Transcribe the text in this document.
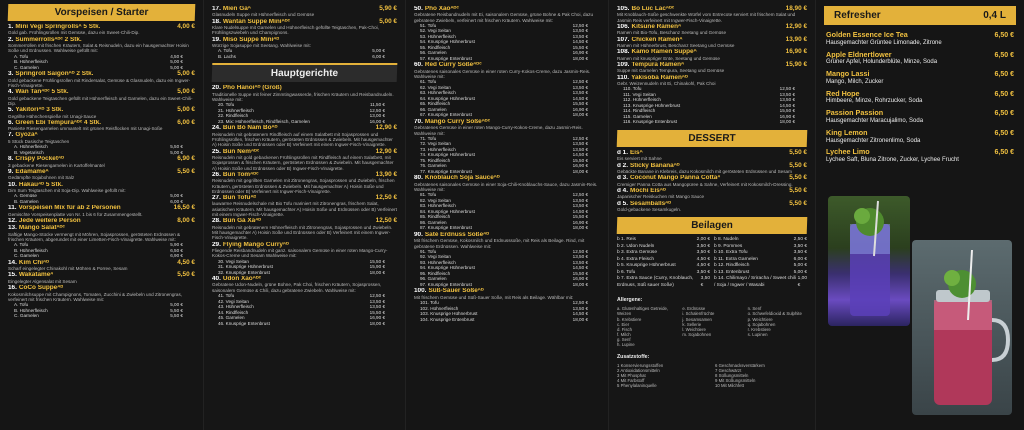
Vorspeisen / Starter
1. Mini Vegi Springrollsᴬ 5 Stk.	4,00 €
Gold gab. Frühlingsrollen mit Gemüse, dazu ein Sweet-Chili-Dip.
2. Summerrollsᴬᴮᶜ 2 Stk.
Sommerrollen mit frischen Kräutern, Salat & Reisnudeln, dazu ein hausgemachter Hoisin Soße und Erdnussen. Wahlweise gefüllt mit:
A. Tofu	4,50 €
B. Hühnerfleisch	5,00 €
C. Garnelen	5,00 €
3. Springroll Saigonᴬᴮ 2 Stk.	5,00 €
Gold gebackene Frühlingsrollen mit Rindersalat, Gemüse & Glasnudeln, dazu ein Ingwer-Fisch-Vinaigrette.
4. Wan Tanᴬᴮᶜ 5 Stk.	5,00 €
Gold gebackene Teigtaschen gefüllt mit Hühnerfleisch und Garnelen, dazu ein Sweet-Chili-Dip.
5. Yakitoriᴬᴮ 3 Stk.	5,00 €
Gegrillte Hähnchenspieße mit Unagi-Sauce
6. Green Ebi Tempuraᴬᴮᶜ 4 Stk.	6,00 €
Panierte Riesengarnelen ummantelt mit grünen Reisflocken mit Unagi-Soße
7. Gyozaᴬ
5 Stück Dasische Teigtaschen
A. Hühnerfleisch	5,50 €
B. Vegetarisch	5,00 €
8. Crispy Pocketᴬᴮ	6,90 €
3 gebackene Riesengarnelen in Kartoffelmantel
9. Edamameᴬ	5,50 €
Gedämpfte Sojabohnen mit Salz
10. Hakauᴬᴮ 5 Stk.
Dim Sum Teigtaschen mit Soja-Dip. Wahlweise gefüllt mit:
A. Gemüse	5,00 €
B. Garnelen	6,00 €
11. Vorspeisen Mix für ab 2 Personen	16,50 €
Gemischte Vorspeisenplatte von Nr. 1 bis 6 für Zusammengestellt.
12. Jede weitere Person	8,00 €
13. Mango Salatᴬᴮᶜ
Saftige Mango-Stücke vermengt mit Möhren, Sojasprossen, gerösteten Erdnüssen & frischen Kräutern, abgerundet mit einer Limetten-Fisch-Vinaigrette. Wahlweise mit:
A. Tofu	5,90 €
B. Hühnerfleisch	6,50 €
C. Garnelen	6,90 €
14. Kim Chiᴬᴮ	4,50 €
Scharf eingelegter Chinakohl mit Möhren & Porree, Sesam
15. Wakatameᴬ	5,50 €
Eingelegter Algensalat mit Sesam
16. CoCo Suppeᴬᴮ
Kokosmilchsuppe mit Champignons, Tomaten, Zucchini & Zwiebeln und Zitronengras, verfeinert mit frischen Kräutern. Wahlweise mit:
A. Tofu	5,00 €
B. Hühnerfleisch	5,50 €
C. Garnelen	5,50 €
17. Mien Gaᴬ	5,90 €
Glasnudeln Suppe mit Hühnerfleisch und Gemüse
18. Wantan Suppe Miniᴬᴮᶜ	5,00 €
Klare Nudelsuppe mit Garnelen und Hühnerfleisch gefüllte Teigtaschen, Pak-Choi, Frühlingszwiebeln und Champignons.
19. Miso Suppe Miniᴬᴮ
Würzige Sojasuppe mit Seetang. Wahlweise mit:
A. Tofu	5,00 €
B. Lachs	6,00 €
Hauptgerichte
20. Pho Hanoiᴬᴮ (Groß)
Traditionelle Suppe mit feiner Zimmtingwasserde, frischen Kräutern und Reisbandnudeln. Wahlweise mit:
20. Tofu	11,50 €
21. Hühnerfleisch	12,50 €
22. Rindfleisch	13,00 €
23. Mix: Hühnerfleisch, Rindfleisch, Garnelen	16,00 €
24. Bun Bò Nam Boᴬᴮ	12,90 €
Reisnudeln mit gebratenem Rindfleisch auf einem Salatbett mit Sojasprossen und Frühlingsrollen, frischen Kräutern, gerösteten Erdnüssen & Zwiebeln. Mit hausgemachter A) Hoisin Soße und Erdnüssen oder B) Verfeinert mit einem Ingwer-Fisch-Vinaigrette.
25. Bun Nemᴬᴮᶜ	12,90 €
Reisnudeln mit gold gebackenen Frühlingsrollen mit Rindfleisch auf einem Salatbett, mit Sojasprossen & frischen Kräutern, gerösteten Erdnüssen & Zwiebeln. Mit hausgemachter A) Hoisin Soße und Erdnüssen oder B) Ingwer-Fisch-Vinaigrette.
26. Bun Tomᴬᴮᶜ	13,90 €
Reisnudeln mit gegrillten Garnelen mit Zitronengras, Sojasprossen und Zwiebeln, frischen Kräutern, gerösteten Erdnüssen & Zwiebeln. Mit hausgemachter A) Hoisin Soße und Erdnüssen oder B) Verfeinert mit Ingwer-Fisch-Vinaigrette.
27. Bun Tofuᴬᴮ	12,50 €
lauwarme Reisnudelschale mit Bio Tofu mariniert mit Zitronengras, frischem Salat, asiatischen Kräutern. Mit hausgemachter A) Hoisin Soße und Erdnüssen oder B) Verfeinert mit einem Ingwer-Fisch-Vinaigrette.
28. Bún Gà Xãᴬᴮ	12,50 €
Reisnudeln mit gebratenem Hühnerfleisch mit Zitronengras, Sojasprossen und Zwiebeln. Mit hausgemachter A) Hoisin Soße und Erdnüssen oder B) Verfeinert mit einem Ingwer-Fisch-Vinaigrette.
29. Flying Mango Curryᴬᴮ
Fliegende Reisbandnudeln mit ganz. saisonalem Gemüse in einer roten Mango-Curry-Kokos-Creme und Sesam Wahlweise mit:
30. Vegi Seitan	15,50 €
31. Knusprige Hühnerbrust	15,90 €
32. Knusprige Entenbrust	18,00 €
40. Udon Xaoᴬᴮᶜ
Gebratene Udon-Nudeln, grüne Bohne, Pak Choi, frischen Kräutern, Sojasprossen, saisonalem Gemüse & Chili, dazu gebratene Zwiebeln. Wahlweise mit:
41. Tofu	12,50 €
42. Vegi Seitan	13,50 €
43. Hühnerfleisch	13,50 €
44. Rindfleisch	15,50 €
45. Garnelen	16,90 €
46. Knusprige Entenbrust	18,00 €
50. Pho Xaoᴬᴮᶜ
Gebratene Reisbandnudeln mit Ei, saisonalem Gemüse, grüne Bohne & Pak Choi, dazu gebratene Zwiebeln, verfeinert mit frischen Kräutern. Wahlweise mit:
51. Tofu	12,50 €
52. Vegi Seitan	13,50 €
53. Hühnerfleisch	13,50 €
54. Knusprige Hühnerbrust	14,50 €
55. Rindfleisch	15,50 €
56. Garnelen	16,90 €
57. Knusprige Entenbrust	18,00 €
60. Red Curry Soßeᴬᴮᶜ
Gebratenes saisonales Gemüse in einer roten Curry-Kokos-Creme, dazu Jasmin-Reis. Wahlweise mit:
61. Tofu	12,50 €
62. Vegi Seitan	13,50 €
63. Hühnerfleisch	13,50 €
64. Knusprige Hühnerbrust	14,50 €
65. Rindfleisch	15,50 €
66. Garnelen	16,90 €
67. Knusprige Entenbrust	18,00 €
70. Mango Curry Soßeᴬᴮᶜ
Gebratenes Gemüse in einer roten Mango-Curry-Kokos-Creme, dazu Jasmin-Reis. Wahlweise mit:
71. Tofu	12,50 €
72. Vegi Seitan	13,50 €
73. Hühnerfleisch	13,50 €
74. Knusprige Hühnerbrust	14,50 €
75. Rindfleisch	15,50 €
76. Garnelen	16,90 €
77. Knusprige Entenbrust	18,00 €
80. Knoblauch Soja Sauceᴬᴮ
Gebratenes saisonales Gemüse in einer Soja-Chili-Knoblauchs-Sauce, dazu Jasmin-Reis. Wahlweise mit:
81. Tofu	12,50 €
82. Vegi Seitan	13,50 €
83. Hühnerfleisch	13,50 €
84. Knusprige Hühnerbrust	14,50 €
85. Rindfleisch	15,50 €
86. Garnelen	16,90 €
87. Knusprige Entenbrust	18,00 €
90. Saté Erdnuss Soßeᴬᴮ
Mit frischem Gemüse, Kokosmilch und Erdnusssoße, mit Reis als Beilage. Rind, mit gebratene Erdnüssen. Wahlweise mit:
91. Tofu	12,50 €
92. Vegi Seitan	13,50 €
93. Hühnerfleisch	13,50 €
94. Knusprige Hühnerbrust	14,50 €
95. Rindfleisch	15,50 €
96. Garnelen	16,90 €
97. Knusprige Entenbrust	18,00 €
100. Süß-Sauer Soßeᴬᴮ
Mit frischem Gemüse und Süß-Sauer Soße, mit Reis als Beilage. Wählbar mit:
101. Tofu	12,50 €
102. Hühnerfleisch	13,50 €
103. Knusprige Hühnerbrust	14,50 €
104. Knusprige Entenbrust	18,00 €
105. Bo Luc Lacᴬᴮᶜ	18,90 €
Mit Knoblauch-Soße geschwenkte Würfel vom Entrecote serviert mit frischem Salat und Jasmin Reis verfeinert mit Ingwer-Fisch-Vinaigrette.
106. Kitsune Ramenᴬ	12,90 €
Ramen mit Bio-Tofu, Beschanz Seetang und Gemüse
107. Chicken Ramenᴬ	13,90 €
Ramen mit Hühnerbrust, Beschanz Seetang und Gemüse
108. Kamo Ramen Suppeᴬ	16,90 €
Ramen mit knuspriger Ente, Seetang und Gemüse
109. Tempura Ramenᴬ	15,90 €
Suppe mit Garnelen Tempura, Seetang und Gemüse
110. Yakisoba Ramenᴬᴮ
Gebr. Weizennudeln mit Ei, Chinakohl, Pak Choi
110. Tofu	12,50 €
111. Vegi Seitan	13,50 €
112. Hühnerfleisch	13,50 €
113. Knusprige Hühnerbrust	14,50 €
114. Rindfleisch	15,50 €
115. Garnelen	16,90 €
116. Knusprige Entenbrust	18,00 €
DESSERT
d 1. Eisᴬ	5,50 €
Eis serviert mit Sahne
d 2. Sticky Bananaᴬᴮ	5,50 €
Gebäckte Banane in Klebreis, dazu Kokosmilch mit gerösteten Erdnüssen und Sesam
d 3. Coconut Mango Panna Cottaᴬ	5,50 €
Cremiger Panna Cotta aus Mangopüree & Sahne, Verfeinert mit Kokosmilch-Dressing.
d 4. Mochi Eisᴬᴮ	5,50 €
Japanischer Reiskuchen mit Mango Sauce
d 5. Sesamballsᴬᴮ	5,50 €
Gold-gebackene Sesamkugeln.
Beilagen
b 1. Reis	2,00 €
b 2. Udon Nudeln	3,50 €
b 3. Extra Gemüse	3,50 €
b 4. Extra Fleisch	4,50 €
b 5. Knusprige Hühnerbrust	4,50 €
b 6. Tofu	3,50 €
b 7. Extra Sauce (Curry, Knoblauch, Erdnuss, Süß sauer Soße)
3,50 €
b 8. Nudeln	2,50 €
b 9. Pommes	3,50 €
b 10. Extra Tofu	3,50 €
b 11. Extra Garnelen	6,00 €
b 12. Rindfleisch	5,00 €
b 13. Entenbrust	5,00 €
b 14. Chilimayo / Sriracha / Sweet chili / Soja / Ingwer / Wasabi
1,00 €
Allergene:
a. Glutenhaltiges Getreide, Weizen
b. Krebstiere
c. Eier
d. Fisch
f. Milch
g. Senf
h. Lupine
e. Erdnüsse
i. Schalenfrüchte
j. Sesamsamen
k. Sellerie
l. Weichtiere
m. Sojabohnen
n. Senf
o. Schwefeldioxid & Sulphite
p. Weichtiere
q. Sojabohnen
r. Krebstiere
s. Lupinen
Zusatzstoffe:
1 Konservierungsstoffen
2 Antioxidationsmitteln
3 Mit Phosphat
4 Mit Farbstoff
5 Phenylalaninquelle
6 Geschmacksverstärkern
7 Geschwärzt
8 Süßungsmitteln
9 Mit Süßungsmitteln
10 Mit Milchfett
Refresher	0,4 L
Golden Essence Ice Tea	6,50 €
Hausgemachter Grüntee Limonade, Zitrone
Apple Eldnertlower	6,50 €
Grüner Apfel, Holunderblüte, Minze, Soda
Mango Lassi	6,50 €
Mango, Milch, Zucker
Red Hope	6,50 €
Himbeere, Minze, Rohrzucker, Soda
Passion Passion	6,50 €
Hausgemachter Maracujalimo, Soda
King Lemon	6,50 €
Hausgemachter Zitronenlimo, Soda
Lychee Limo	6,50 €
Lychee Saft, Bluna Zitrone, Zucker, Lychee Frucht
